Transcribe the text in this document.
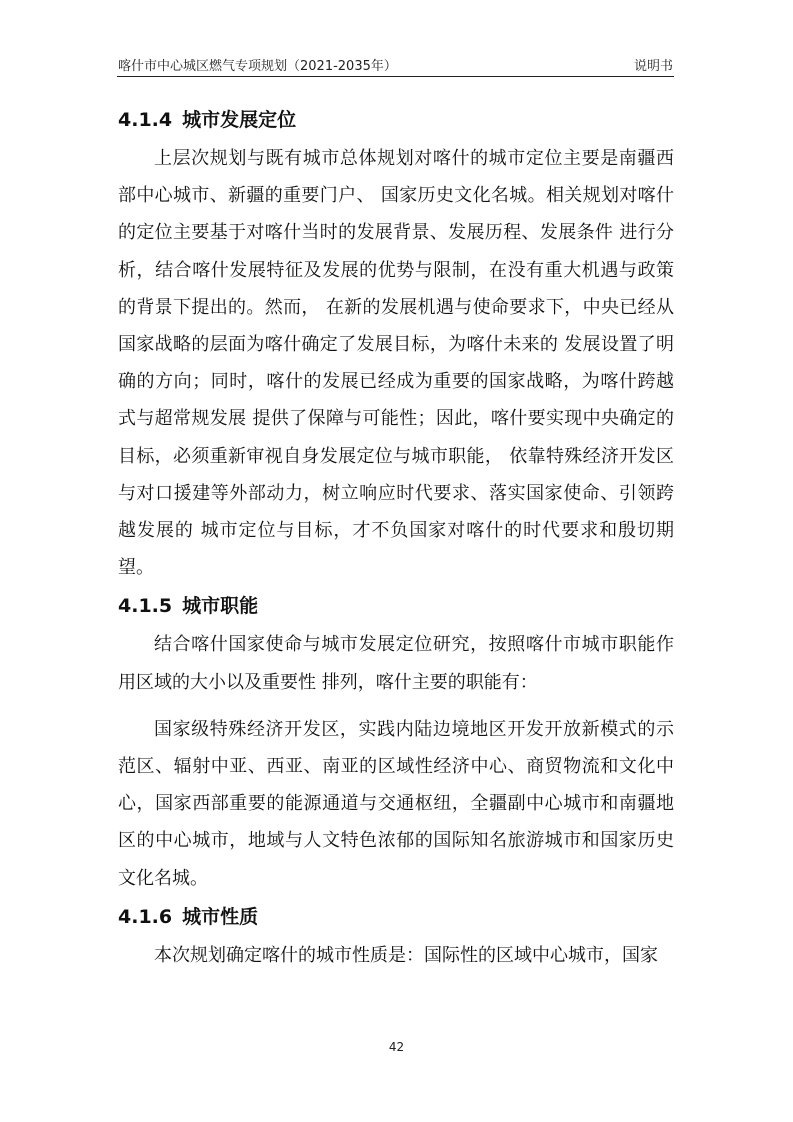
喀什市中心城区燃气专项规划（2021-2035年）	说明书
4.1.4 城市发展定位

上层次规划与既有城市总体规划对喀什的城市定位主要是南疆西部中心城市、新疆的重要门户、 国家历史文化名城。相关规划对喀什的定位主要基于对喀什当时的发展背景、发展历程、发展条件 进行分析，结合喀什发展特征及发展的优势与限制，在没有重大机遇与政策的背景下提出的。然而， 在新的发展机遇与使命要求下，中央已经从国家战略的层面为喀什确定了发展目标，为喀什未来的 发展设置了明确的方向；同时，喀什的发展已经成为重要的国家战略，为喀什跨越式与超常规发展 提供了保障与可能性；因此，喀什要实现中央确定的目标，必须重新审视自身发展定位与城市职能， 依靠特殊经济开发区与对口援建等外部动力，树立响应时代要求、落实国家使命、引领跨越发展的 城市定位与目标，才不负国家对喀什的时代要求和殷切期望。

4.1.5 城市职能

结合喀什国家使命与城市发展定位研究，按照喀什市城市职能作用区域的大小以及重要性 排列，喀什主要的职能有：

国家级特殊经济开发区，实践内陆边境地区开发开放新模式的示范区、辐射中亚、西亚、南亚的区域性经济中心、商贸物流和文化中心，国家西部重要的能源通道与交通枢纽，全疆副中心城市和南疆地区的中心城市，地域与人文特色浓郁的国际知名旅游城市和国家历史文化名城。

4.1.6 城市性质

本次规划确定喀什的城市性质是：国际性的区域中心城市，国家

42
